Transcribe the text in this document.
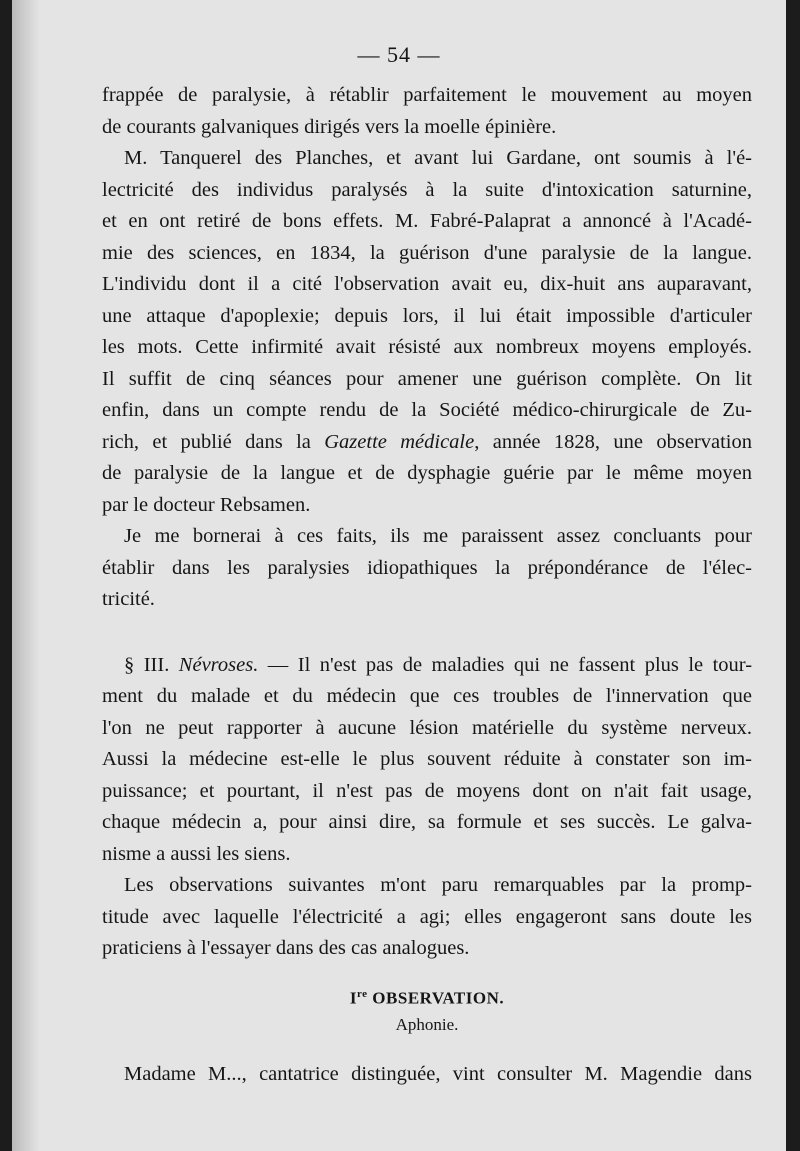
— 54 —
frappée de paralysie, à rétablir parfaitement le mouvement au moyen
de courants galvaniques dirigés vers la moelle épinière.
M. Tanquerel des Planches, et avant lui Gardane, ont soumis à l'é-
lectricité des individus paralysés à la suite d'intoxication saturnine,
et en ont retiré de bons effets. M. Fabré-Palaprat a annoncé à l'Acadé-
mie des sciences, en 1834, la guérison d'une paralysie de la langue.
L'individu dont il a cité l'observation avait eu, dix-huit ans auparavant,
une attaque d'apoplexie; depuis lors, il lui était impossible d'articuler
les mots. Cette infirmité avait résisté aux nombreux moyens employés.
Il suffit de cinq séances pour amener une guérison complète. On lit
enfin, dans un compte rendu de la Société médico-chirurgicale de Zu-
rich, et publié dans la Gazette médicale, année 1828, une observation
de paralysie de la langue et de dysphagie guérie par le même moyen
par le docteur Rebsamen.
Je me bornerai à ces faits, ils me paraissent assez concluants pour
établir dans les paralysies idiopathiques la prépondérance de l'élec-
tricité.
§ III. Névroses. — Il n'est pas de maladies qui ne fassent plus le tour-
ment du malade et du médecin que ces troubles de l'innervation que
l'on ne peut rapporter à aucune lésion matérielle du système nerveux.
Aussi la médecine est-elle le plus souvent réduite à constater son im-
puissance; et pourtant, il n'est pas de moyens dont on n'ait fait usage,
chaque médecin a, pour ainsi dire, sa formule et ses succès. Le galva-
nisme a aussi les siens.
Les observations suivantes m'ont paru remarquables par la promp-
titude avec laquelle l'électricité a agi; elles engageront sans doute les
praticiens à l'essayer dans des cas analogues.
Ire OBSERVATION.
Aphonie.
Madame M..., cantatrice distinguée, vint consulter M. Magendie dans
